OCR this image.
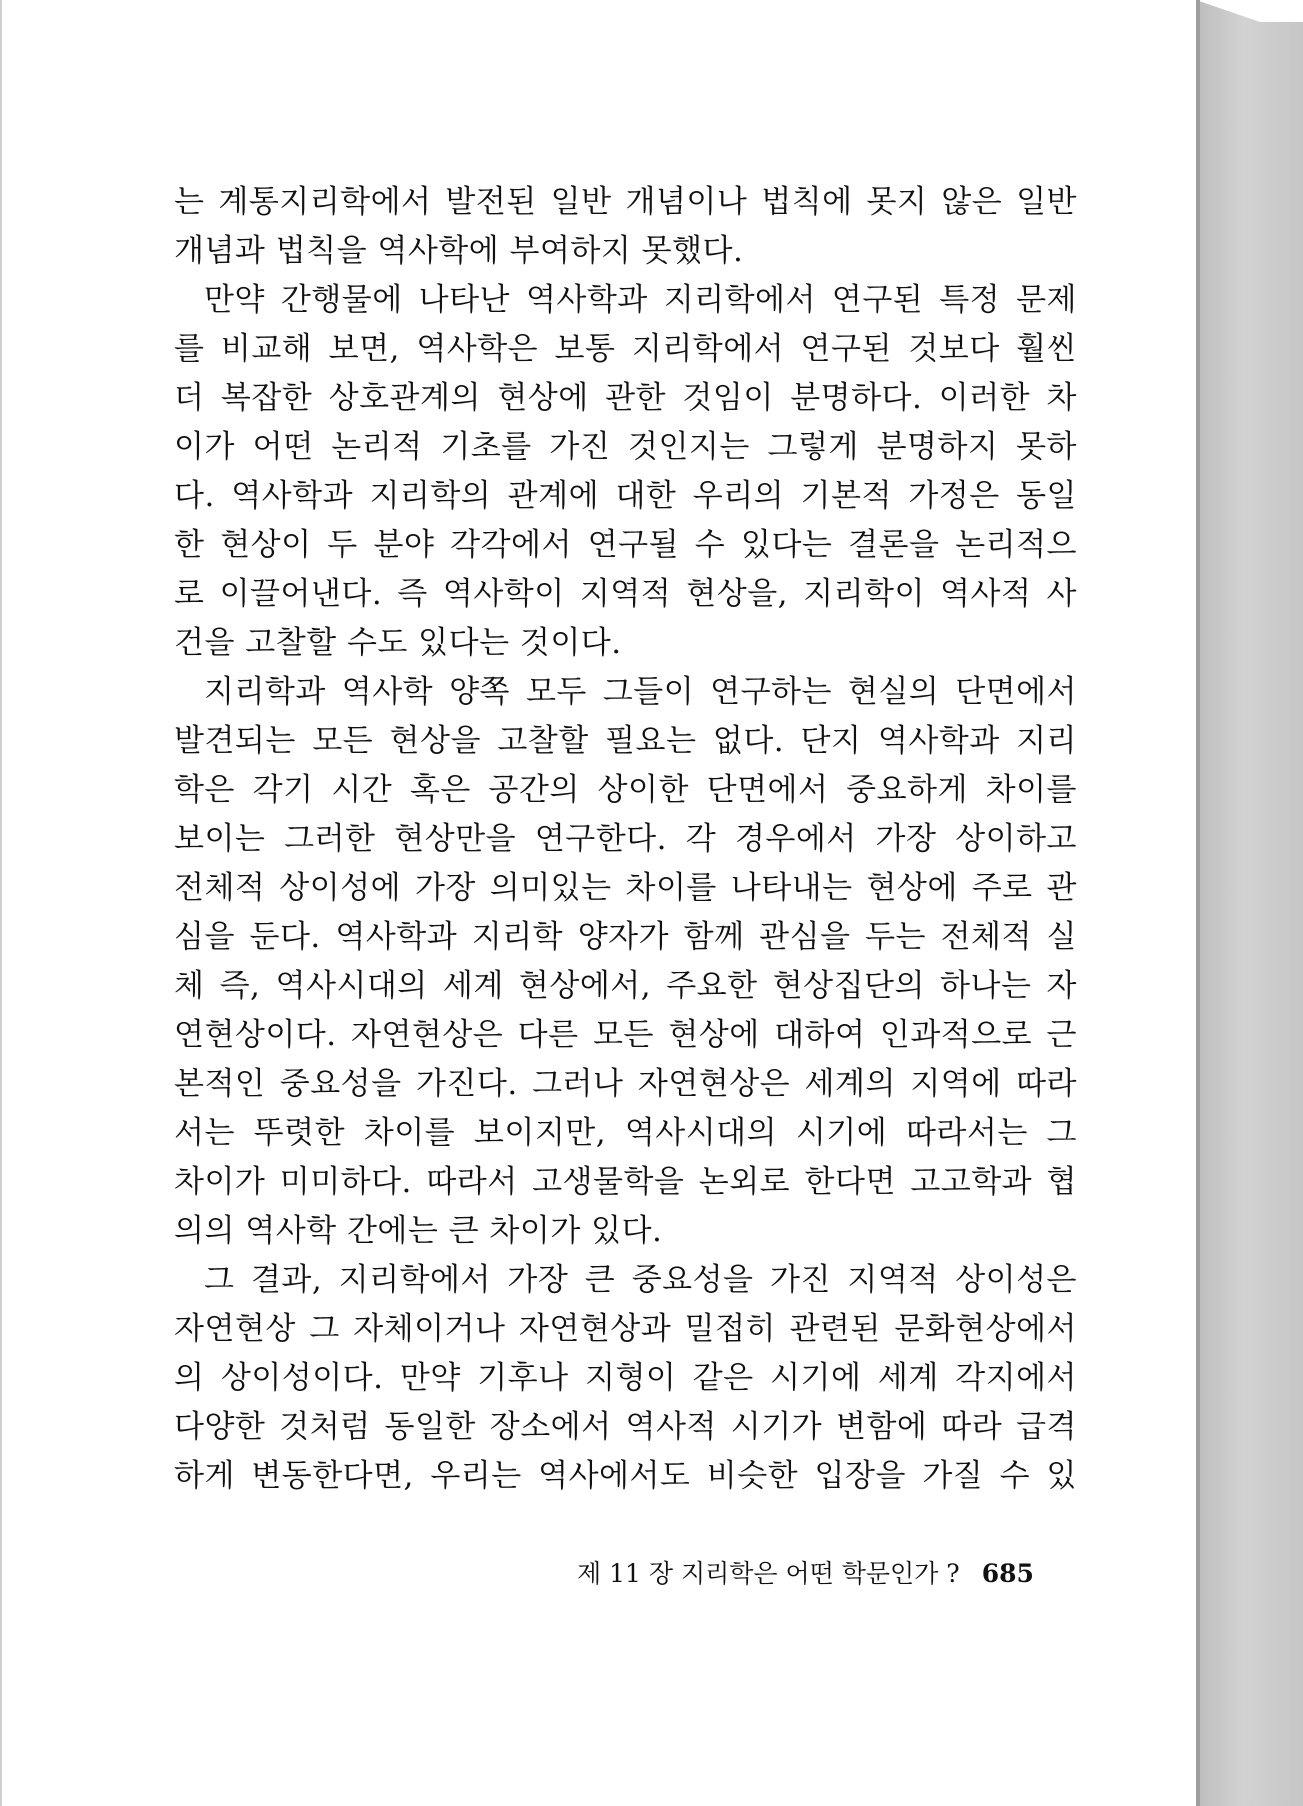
는 계통지리학에서 발전된 일반 개념이나 법칙에 못지 않은 일반
개념과 법칙을 역사학에 부여하지 못했다.
만약 간행물에 나타난 역사학과 지리학에서 연구된 특정 문제
를 비교해 보면, 역사학은 보통 지리학에서 연구된 것보다 훨씬
더 복잡한 상호관계의 현상에 관한 것임이 분명하다. 이러한 차
이가 어떤 논리적 기초를 가진 것인지는 그렇게 분명하지 못하
다. 역사학과 지리학의 관계에 대한 우리의 기본적 가정은 동일
한 현상이 두 분야 각각에서 연구될 수 있다는 결론을 논리적으
로 이끌어낸다. 즉 역사학이 지역적 현상을, 지리학이 역사적 사
건을 고찰할 수도 있다는 것이다.
지리학과 역사학 양쪽 모두 그들이 연구하는 현실의 단면에서
발견되는 모든 현상을 고찰할 필요는 없다. 단지 역사학과 지리
학은 각기 시간 혹은 공간의 상이한 단면에서 중요하게 차이를
보이는 그러한 현상만을 연구한다. 각 경우에서 가장 상이하고
전체적 상이성에 가장 의미있는 차이를 나타내는 현상에 주로 관
심을 둔다. 역사학과 지리학 양자가 함께 관심을 두는 전체적 실
체 즉, 역사시대의 세계 현상에서, 주요한 현상집단의 하나는 자
연현상이다. 자연현상은 다른 모든 현상에 대하여 인과적으로 근
본적인 중요성을 가진다. 그러나 자연현상은 세계의 지역에 따라
서는 뚜렷한 차이를 보이지만, 역사시대의 시기에 따라서는 그
차이가 미미하다. 따라서 고생물학을 논외로 한다면 고고학과 협
의의 역사학 간에는 큰 차이가 있다.
그 결과, 지리학에서 가장 큰 중요성을 가진 지역적 상이성은
자연현상 그 자체이거나 자연현상과 밀접히 관련된 문화현상에서
의 상이성이다. 만약 기후나 지형이 같은 시기에 세계 각지에서
다양한 것처럼 동일한 장소에서 역사적 시기가 변함에 따라 급격
하게 변동한다면, 우리는 역사에서도 비슷한 입장을 가질 수 있
제 11 장 지리학은 어떤 학문인가 ? 685
